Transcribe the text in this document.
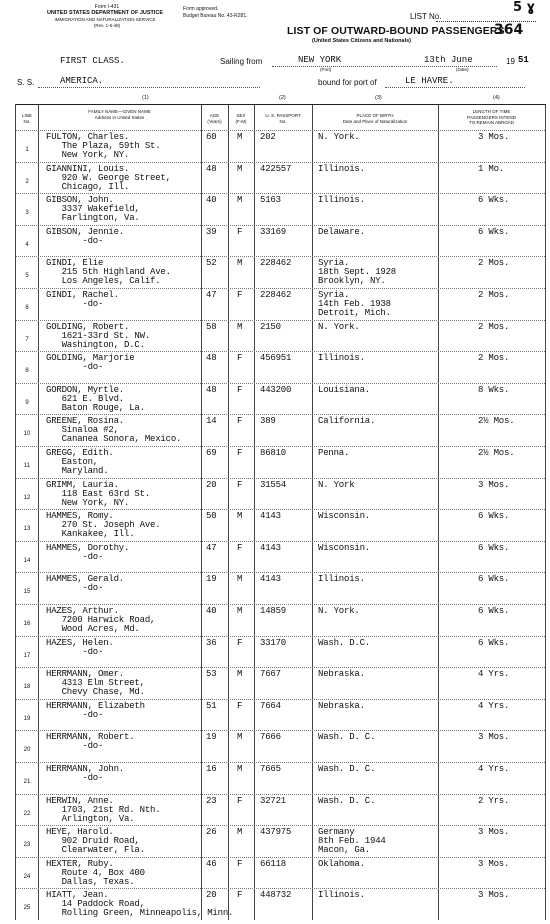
Form I-431
UNITED STATES DEPARTMENT OF JUSTICE
IMMIGRATION AND NATURALIZATION SERVICE
(Rev. 1-5-48)
Form approved.
Budget Bureau No. 43-R281.	LIST No.
5 ɣ
LIST OF OUTWARD-BOUND PASSENGERS
364
(United States Citizens and Nationals)
FIRST CLASS.	Sailing from	NEW YORK
(Port)
13th June
(Date)
19 51
S. S.	AMERICA.	bound for port of	LE HAVRE.
(1)	(2)	(3)	(4)
LINE
No.
FAMILY NAME—GIVEN NAME
Address in United States	AGE
(Years)
SEX
(F-M)
U. S. PASSPORT
No.
PLACE OF BIRTH
Date and Place of Naturalization
LENGTH OF TIME
PASSENGERS INTEND
TO REMAIN ABROAD
1
FULTON, Charles.
The Plaza, 59th St.
New York, NY.
60 M 202	N. York.	3 Mos.
2
GIANNINI, Louis.
920 W. George Street,
Chicago, Ill.
48 M 422557	Illinois.	1 Mo.
3
GIBSON, John.
3337 Wakefield,
Farlington, Va.
40 M 5163	Illinois.	6 Wks.
4
GIBSON, Jennie.
-do-
39 F 33169	Delaware.	6 Wks.
5
GINDI, Elie
215 5th Highland Ave.
Los Angeles, Calif.
52 M 228462	Syria.
18th Sept. 1928
Brooklyn, NY.
2 Mos.
6
GINDI, Rachel.
-do-
47 F 228462	Syria.
14th Feb. 1938
Detroit, Mich.
2 Mos.
7
GOLDING, Robert.
1621-33rd St. NW.
Washington, D.C.
58 M 2150	N. York.	2 Mos.
8
GOLDING, Marjorie
-do-
48 F 456951	Illinois.	2 Mos.
9
GORDON, Myrtle.
621 E. Blvd.
Baton Rouge, La.
48 F 443200	Louisiana.	8 Wks.
10
GREENE, Rosina.
Sinaloa #2,
Cananea Sonora, Mexico.
14 F 389	California.	2½ Mos.
11
GREGG, Edith.
Easton,
Maryland.
69 F 86810	Penna.	2½ Mos.
12
GRIMM, Lauria.
118 East 63rd St.
New York, NY.
20 F 31554	N. York	3 Mos.
13
HAMMES, Romy.
270 St. Joseph Ave.
Kankakee, Ill.
50 M 4143	Wisconsin.	6 Wks.
14
HAMMES, Dorothy.
-do-
47 F 4143	Wisconsin.	6 Wks.
15
HAMMES, Gerald.
-do-
19 M 4143	Illinois.	6 Wks.
16
HAZES, Arthur.
7200 Harwick Road,
Wood Acres, Md.
40 M 14859	N. York.	6 Wks.
17
HAZES, Helen.
-do-
36 F 33170	Wash. D.C.	6 Wks.
18
HERRMANN, Omer.
4313 Elm Street,
Chevy Chase, Md.
53 M 7667	Nebraska.	4 Yrs.
19
HERRMANN, Elizabeth
-do-
51 F 7664	Nebraska.	4 Yrs.
20
HERRMANN, Robert.
-do-
19 M 7666	Wash. D. C.	3 Mos.
21
HERRMANN, John.
-do-
16 M 7665	Wash. D. C.	4 Yrs.
22
HERWIN, Anne.
1703, 21st Rd. Nth.
Arlington, Va.
23 F 32721	Wash. D. C.	2 Yrs.
23
HEYE, Harold.
902 Druid Road,
Clearwater, Fla.
26 M 437975	Germany
8th Feb. 1944
Macon, Ga.
3 Mos.
24
HEXTER, Ruby.
Route 4, Box 400
Dallas, Texas.
46 F 66118	Oklahoma.	3 Mos.
25
HIATT, Jean.
14 Paddock Road,
Rolling Green, Minneapolis, Minn.
20 F 448732	Illinois.	3 Mos.
